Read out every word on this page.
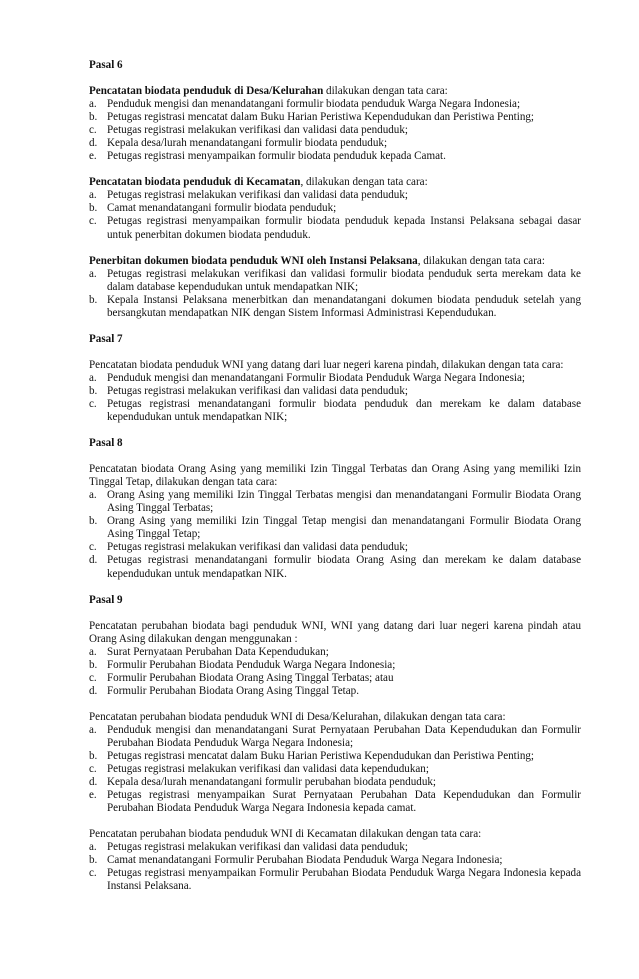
Pasal 6

Pencatatan biodata penduduk di Desa/Kelurahan dilakukan dengan tata cara:

a. Penduduk mengisi dan menandatangani formulir biodata penduduk Warga Negara Indonesia;
b. Petugas registrasi mencatat dalam Buku Harian Peristiwa Kependudukan dan Peristiwa Penting;
c. Petugas registrasi melakukan verifikasi dan validasi data penduduk;
d. Kepala desa/lurah menandatangani formulir biodata penduduk;
e. Petugas registrasi menyampaikan formulir biodata penduduk kepada Camat.

Pencatatan biodata penduduk di Kecamatan, dilakukan dengan tata cara:

a. Petugas registrasi melakukan verifikasi dan validasi data penduduk;
b. Camat menandatangani formulir biodata penduduk;
c. Petugas registrasi menyampaikan formulir biodata penduduk kepada Instansi Pelaksana sebagai dasar untuk penerbitan dokumen biodata penduduk.

Penerbitan dokumen biodata penduduk WNI oleh Instansi Pelaksana, dilakukan dengan tata cara:

a. Petugas registrasi melakukan verifikasi dan validasi formulir biodata penduduk serta merekam data ke dalam database kependudukan untuk mendapatkan NIK;
b. Kepala Instansi Pelaksana menerbitkan dan menandatangani dokumen biodata penduduk setelah yang bersangkutan mendapatkan NIK dengan Sistem Informasi Administrasi Kependudukan.
Pasal 7

Pencatatan biodata penduduk WNI yang datang dari luar negeri karena pindah, dilakukan dengan tata cara:

a. Penduduk mengisi dan menandatangani Formulir Biodata Penduduk Warga Negara Indonesia;
b. Petugas registrasi melakukan verifikasi dan validasi data penduduk;
c. Petugas registrasi menandatangani formulir biodata penduduk dan merekam ke dalam database kependudukan untuk mendapatkan NIK;
Pasal 8

Pencatatan biodata Orang Asing yang memiliki Izin Tinggal Terbatas dan Orang Asing yang memiliki Izin Tinggal Tetap, dilakukan dengan tata cara:

a. Orang Asing yang memiliki Izin Tinggal Terbatas mengisi dan menandatangani Formulir Biodata Orang Asing Tinggal Terbatas;
b. Orang Asing yang memiliki Izin Tinggal Tetap mengisi dan menandatangani Formulir Biodata Orang Asing Tinggal Tetap;
c. Petugas registrasi melakukan verifikasi dan validasi data penduduk;
d. Petugas registrasi menandatangani formulir biodata Orang Asing dan merekam ke dalam database kependudukan untuk mendapatkan NIK.
Pasal 9

Pencatatan perubahan biodata bagi penduduk WNI, WNI yang datang dari luar negeri karena pindah atau Orang Asing dilakukan dengan menggunakan :

a. Surat Pernyataan Perubahan Data Kependudukan;
b. Formulir Perubahan Biodata Penduduk Warga Negara Indonesia;
c. Formulir Perubahan Biodata Orang Asing Tinggal Terbatas; atau
d. Formulir Perubahan Biodata Orang Asing Tinggal Tetap.

Pencatatan perubahan biodata penduduk WNI di Desa/Kelurahan, dilakukan dengan tata cara:

a. Penduduk mengisi dan menandatangani Surat Pernyataan Perubahan Data Kependudukan dan Formulir Perubahan Biodata Penduduk Warga Negara Indonesia;
b. Petugas registrasi mencatat dalam Buku Harian Peristiwa Kependudukan dan Peristiwa Penting;
c. Petugas registrasi melakukan verifikasi dan validasi data kependudukan;
d. Kepala desa/lurah menandatangani formulir perubahan biodata penduduk;
e. Petugas registrasi menyampaikan Surat Pernyataan Perubahan Data Kependudukan dan Formulir Perubahan Biodata Penduduk Warga Negara Indonesia kepada camat.

Pencatatan perubahan biodata penduduk WNI di Kecamatan dilakukan dengan tata cara:

a. Petugas registrasi melakukan verifikasi dan validasi data penduduk;
b. Camat menandatangani Formulir Perubahan Biodata Penduduk Warga Negara Indonesia;
c. Petugas registrasi menyampaikan Formulir Perubahan Biodata Penduduk Warga Negara Indonesia kepada Instansi Pelaksana.
